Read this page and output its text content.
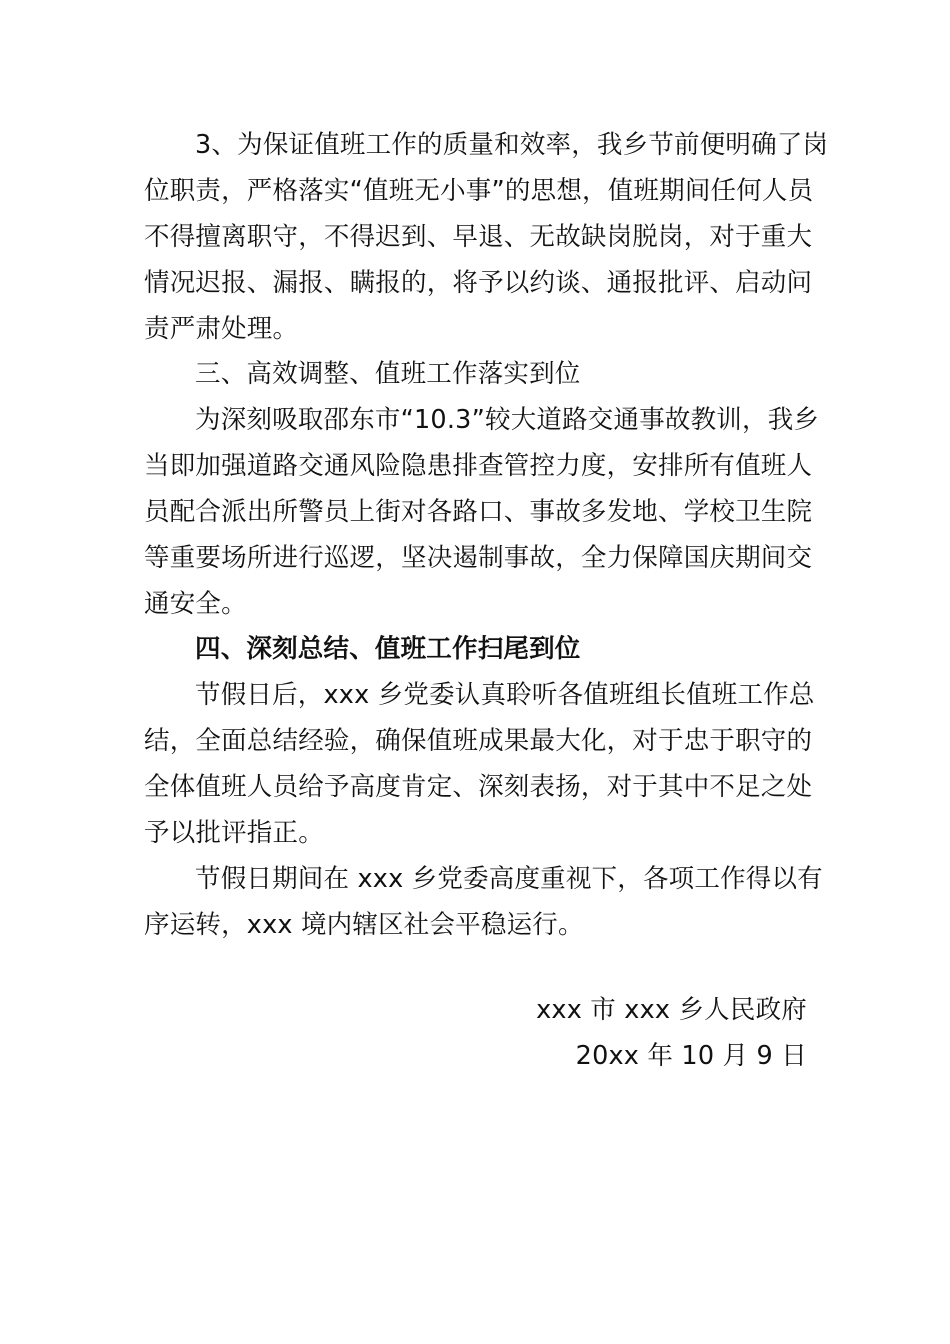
3、为保证值班工作的质量和效率，我乡节前便明确了岗
位职责，严格落实“值班无小事”的思想，值班期间任何人员
不得擅离职守，不得迟到、早退、无故缺岗脱岗，对于重大
情况迟报、漏报、瞒报的，将予以约谈、通报批评、启动问
责严肃处理。
三、高效调整、值班工作落实到位
为深刻吸取邵东市“10.3”较大道路交通事故教训，我乡
当即加强道路交通风险隐患排查管控力度，安排所有值班人
员配合派出所警员上街对各路口、事故多发地、学校卫生院
等重要场所进行巡逻，坚决遏制事故，全力保障国庆期间交
通安全。
四、深刻总结、值班工作扫尾到位
节假日后，xxx 乡党委认真聆听各值班组长值班工作总
结，全面总结经验，确保值班成果最大化，对于忠于职守的
全体值班人员给予高度肯定、深刻表扬，对于其中不足之处
予以批评指正。
节假日期间在 xxx 乡党委高度重视下，各项工作得以有
序运转，xxx 境内辖区社会平稳运行。
xxx 市 xxx 乡人民政府
20xx 年 10 月 9 日
